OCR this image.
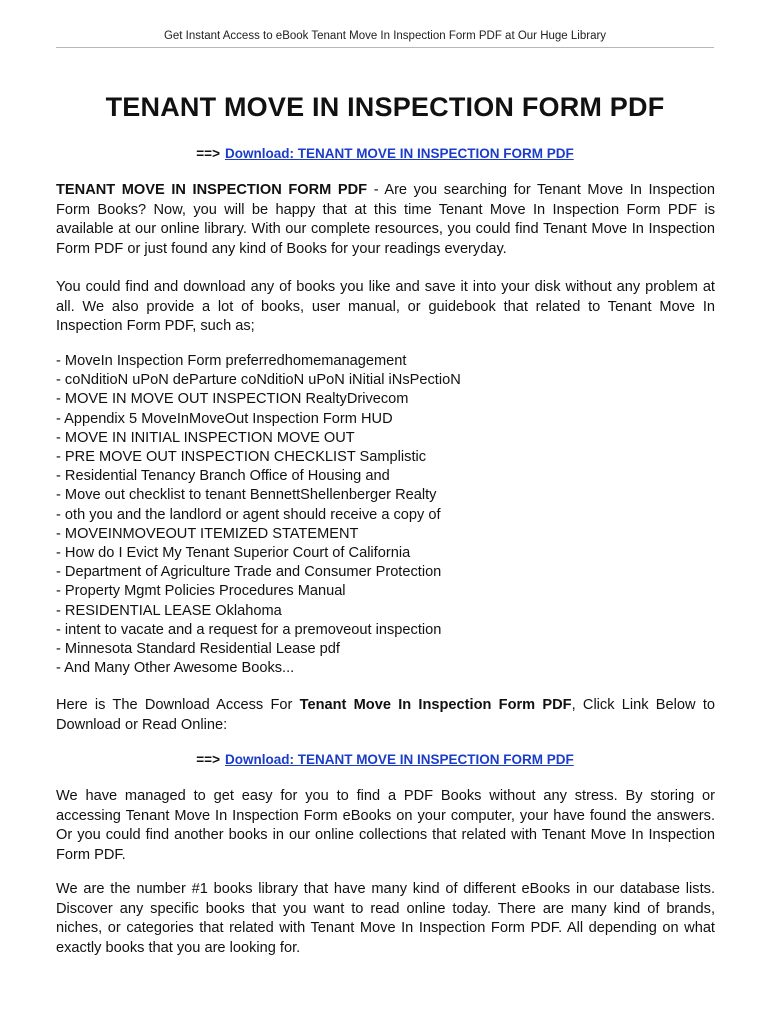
Get Instant Access to eBook Tenant Move In Inspection Form PDF at Our Huge Library
TENANT MOVE IN INSPECTION FORM PDF
==> Download: TENANT MOVE IN INSPECTION FORM PDF

TENANT MOVE IN INSPECTION FORM PDF - Are you searching for Tenant Move In Inspection Form Books? Now, you will be happy that at this time Tenant Move In Inspection Form PDF is available at our online library. With our complete resources, you could find Tenant Move In Inspection Form PDF or just found any kind of Books for your readings everyday.

You could find and download any of books you like and save it into your disk without any problem at all. We also provide a lot of books, user manual, or guidebook that related to Tenant Move In Inspection Form PDF, such as;

- MoveIn Inspection Form preferredhomemanagement
- coNditioN uPoN deParture coNditioN uPoN iNitial iNsPectioN
- MOVE IN MOVE OUT INSPECTION RealtyDrivecom
- Appendix 5 MoveInMoveOut Inspection Form HUD
- MOVE IN INITIAL INSPECTION MOVE OUT
- PRE MOVE OUT INSPECTION CHECKLIST Samplistic
- Residential Tenancy Branch Office of Housing and
- Move out checklist to tenant BennettShellenberger Realty
- oth you and the landlord or agent should receive a copy of
- MOVEINMOVEOUT ITEMIZED STATEMENT
- How do I Evict My Tenant Superior Court of California
- Department of Agriculture Trade and Consumer Protection
- Property Mgmt Policies Procedures Manual
- RESIDENTIAL LEASE Oklahoma
- intent to vacate and a request for a premoveout inspection
- Minnesota Standard Residential Lease pdf
- And Many Other Awesome Books...

Here is The Download Access For Tenant Move In Inspection Form PDF, Click Link Below to Download or Read Online:

==> Download: TENANT MOVE IN INSPECTION FORM PDF

We have managed to get easy for you to find a PDF Books without any stress. By storing or accessing Tenant Move In Inspection Form eBooks on your computer, your have found the answers. Or you could find another books in our online collections that related with Tenant Move In Inspection Form PDF.

We are the number #1 books library that have many kind of different eBooks in our database lists. Discover any specific books that you want to read online today. There are many kind of brands, niches, or categories that related with Tenant Move In Inspection Form PDF. All depending on what exactly books that you are looking for.
